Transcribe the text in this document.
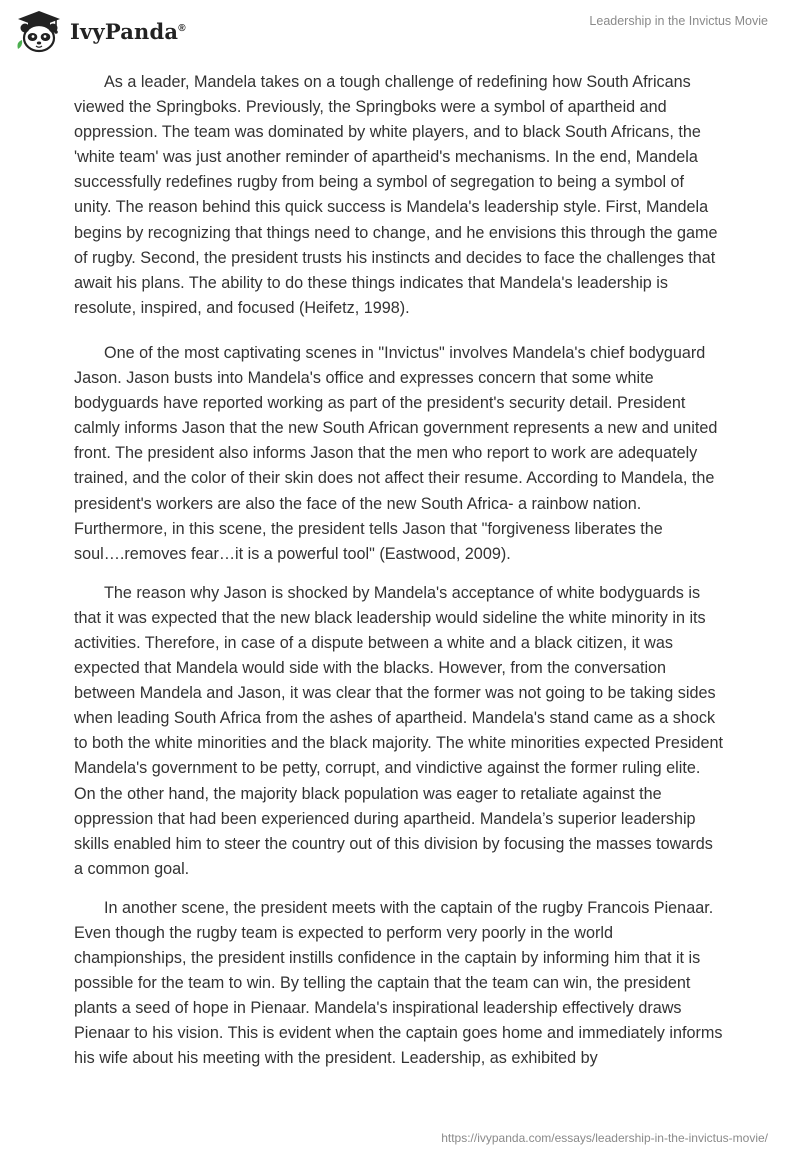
IvyPanda®	Leadership in the Invictus Movie

As a leader, Mandela takes on a tough challenge of redefining how South Africans viewed the Springboks. Previously, the Springboks were a symbol of apartheid and oppression. The team was dominated by white players, and to black South Africans, the 'white team' was just another reminder of apartheid's mechanisms. In the end, Mandela successfully redefines rugby from being a symbol of segregation to being a symbol of unity. The reason behind this quick success is Mandela's leadership style. First, Mandela begins by recognizing that things need to change, and he envisions this through the game of rugby. Second, the president trusts his instincts and decides to face the challenges that await his plans. The ability to do these things indicates that Mandela's leadership is resolute, inspired, and focused (Heifetz, 1998).

One of the most captivating scenes in "Invictus" involves Mandela's chief bodyguard Jason. Jason busts into Mandela's office and expresses concern that some white bodyguards have reported working as part of the president's security detail. President calmly informs Jason that the new South African government represents a new and united front. The president also informs Jason that the men who report to work are adequately trained, and the color of their skin does not affect their resume. According to Mandela, the president's workers are also the face of the new South Africa- a rainbow nation. Furthermore, in this scene, the president tells Jason that "forgiveness liberates the soul….removes fear…it is a powerful tool" (Eastwood, 2009).

The reason why Jason is shocked by Mandela's acceptance of white bodyguards is that it was expected that the new black leadership would sideline the white minority in its activities. Therefore, in case of a dispute between a white and a black citizen, it was expected that Mandela would side with the blacks. However, from the conversation between Mandela and Jason, it was clear that the former was not going to be taking sides when leading South Africa from the ashes of apartheid. Mandela's stand came as a shock to both the white minorities and the black majority. The white minorities expected President Mandela's government to be petty, corrupt, and vindictive against the former ruling elite. On the other hand, the majority black population was eager to retaliate against the oppression that had been experienced during apartheid. Mandela’s superior leadership skills enabled him to steer the country out of this division by focusing the masses towards a common goal.

In another scene, the president meets with the captain of the rugby Francois Pienaar. Even though the rugby team is expected to perform very poorly in the world championships, the president instills confidence in the captain by informing him that it is possible for the team to win. By telling the captain that the team can win, the president plants a seed of hope in Pienaar. Mandela's inspirational leadership effectively draws Pienaar to his vision. This is evident when the captain goes home and immediately informs his wife about his meeting with the president. Leadership, as exhibited by

https://ivypanda.com/essays/leadership-in-the-invictus-movie/
